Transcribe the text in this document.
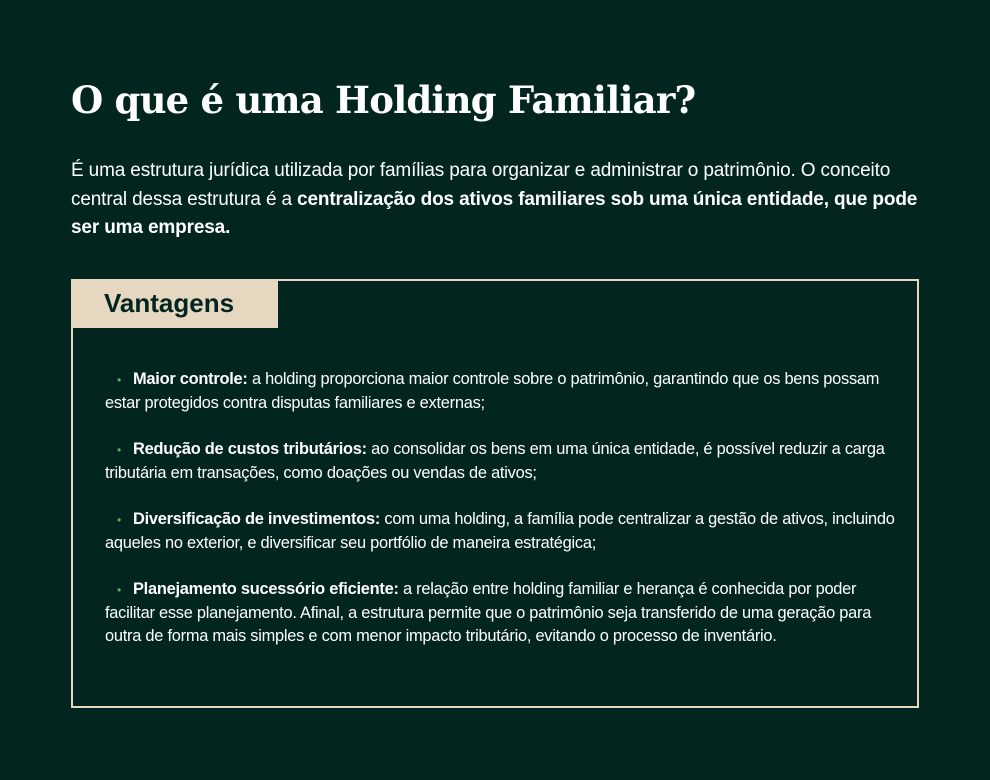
O que é uma Holding Familiar?

É uma estrutura jurídica utilizada por famílias para organizar e administrar o patrimônio. O conceito central dessa estrutura é a centralização dos ativos familiares sob uma única entidade, que pode ser uma empresa.

Vantagens
• Maior controle: a holding proporciona maior controle sobre o patrimônio, garantindo que os bens possam estar protegidos contra disputas familiares e externas;
• Redução de custos tributários: ao consolidar os bens em uma única entidade, é possível reduzir a carga tributária em transações, como doações ou vendas de ativos;
• Diversificação de investimentos: com uma holding, a família pode centralizar a gestão de ativos, incluindo aqueles no exterior, e diversificar seu portfólio de maneira estratégica;
• Planejamento sucessório eficiente: a relação entre holding familiar e herança é conhecida por poder facilitar esse planejamento. Afinal, a estrutura permite que o patrimônio seja transferido de uma geração para outra de forma mais simples e com menor impacto tributário, evitando o processo de inventário.
